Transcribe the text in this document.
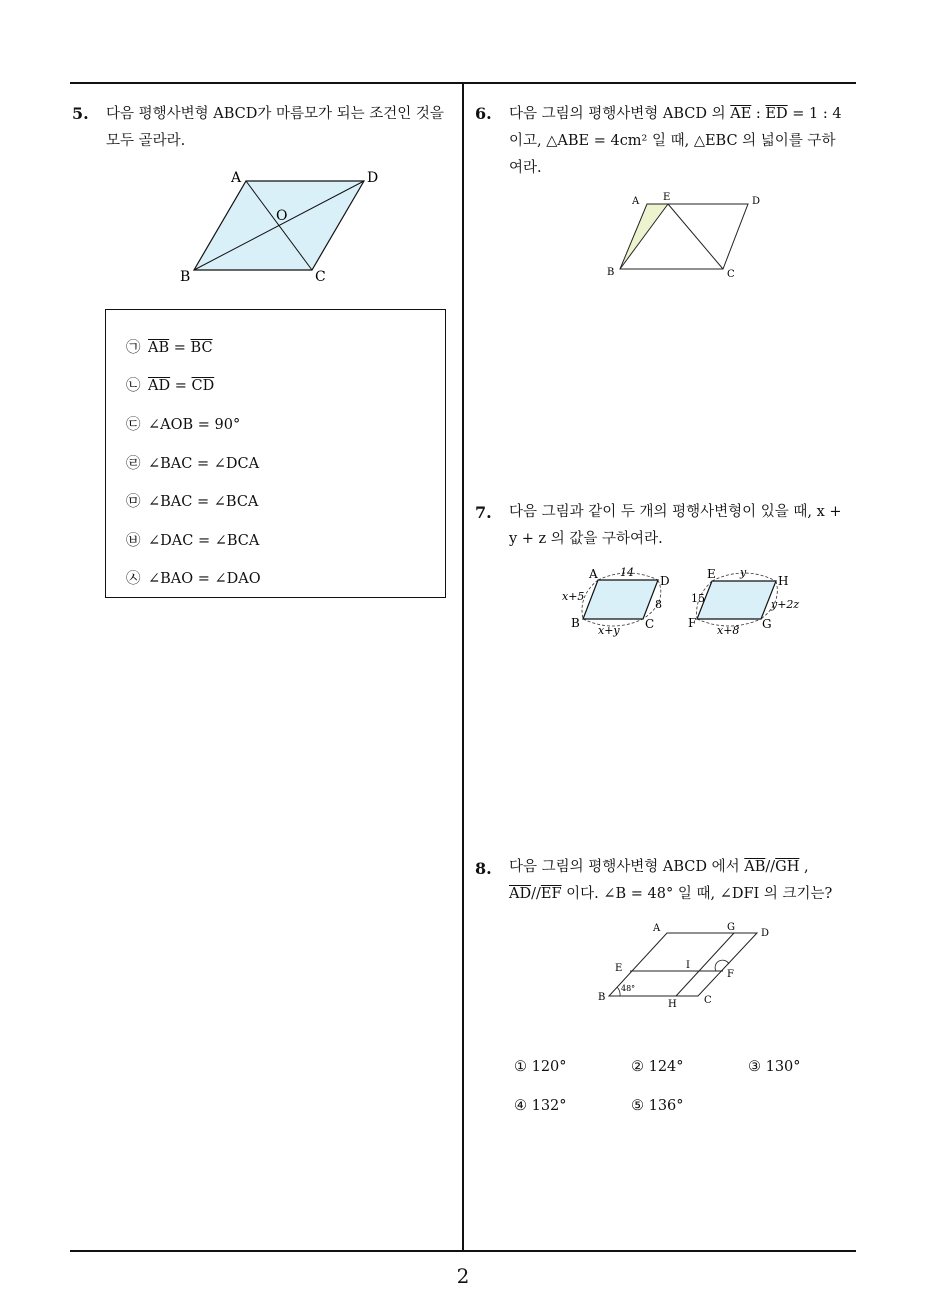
5. 다음 평행사변형 ABCD가 마름모가 되는 조건인 것을
모두 골라라.
A	D
O
B	C
㉠ $\overline{AB} = \overline{BC}$
㉡ $\overline{AD} = \overline{CD}$
㉢ ∠AOB = 90°
㉣ ∠BAC = ∠DCA
㉤ ∠BAC = ∠BCA
㉥ ∠DAC = ∠BCA
㉦ ∠BAO = ∠DAO
6. 다음 그림의 평행사변형 ABCD 의 $\overline{AE}$ : $\overline{ED} = 1$ : 4
이고, △ABE = 4cm² 일 때, △EBC 의 넓이를 구하
여라.
A E	D
B	C
7. 다음 그림과 같이 두 개의 평행사변형이 있을 때, x +
y + z 의 값을 구하여라.
A	D
B	C
14
x+5
8
x+y
E	H
F	G
y
15	y+2z
x+8
8. 다음 그림의 평행사변형 ABCD 에서 $\overline{AB}//\overline{GH}$ ,
$\overline{AD}//\overline{EF}$ 이다. ∠B = 48° 일 때, ∠DFI 의 크기는?
A	G
D
E	I
F
B
48°
H	C
① 120°	② 124°	③ 130°
④ 132°	⑤ 136°
2
